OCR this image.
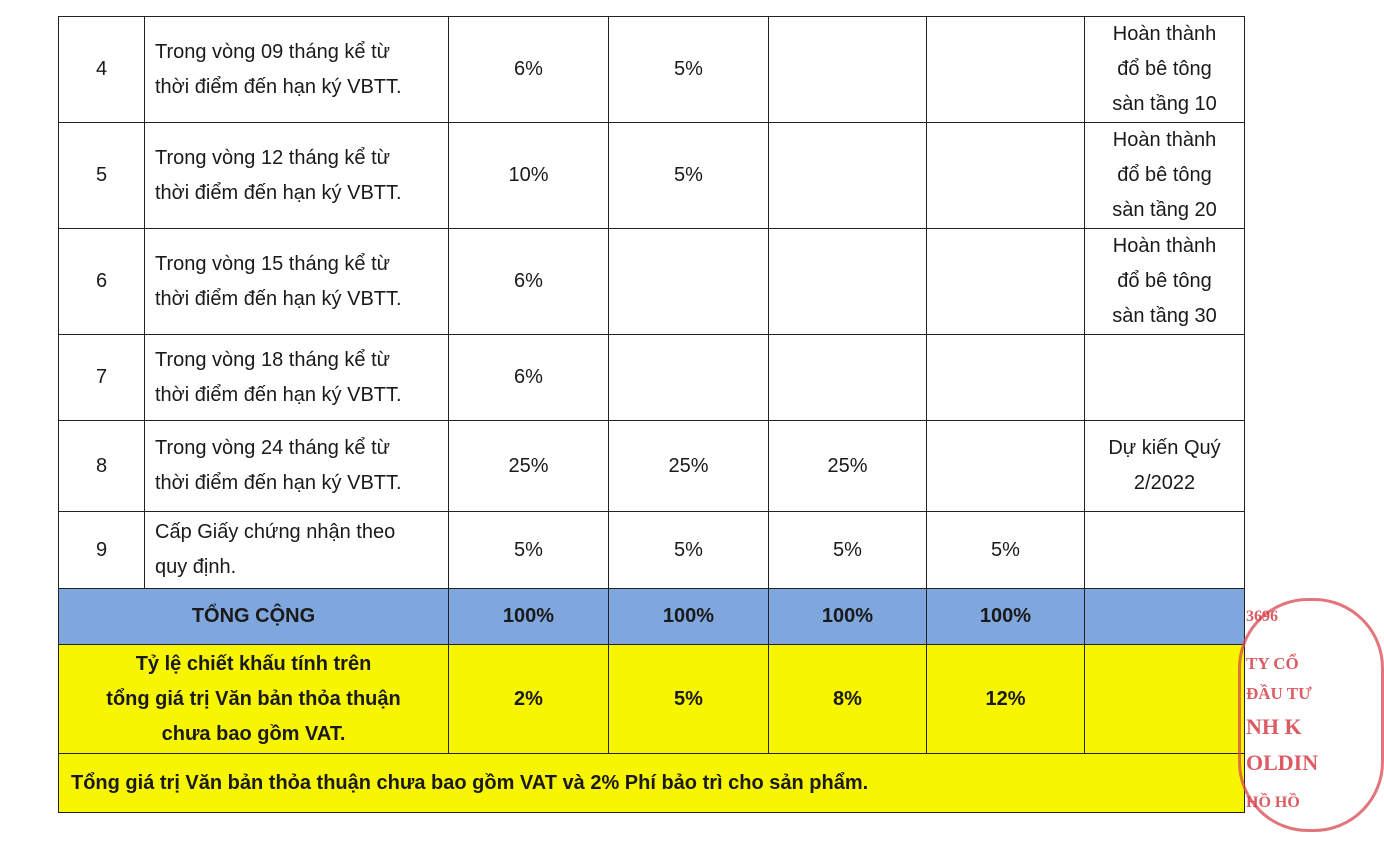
4	Trong vòng 09 tháng kể từ
thời điểm đến hạn ký VBTT.	6%	5%			Hoàn thành
đổ bê tông
sàn tầng 10

5	Trong vòng 12 tháng kể từ
thời điểm đến hạn ký VBTT.	10%	5%			Hoàn thành
đổ bê tông
sàn tầng 20

6	Trong vòng 15 tháng kể từ
thời điểm đến hạn ký VBTT.	6%				Hoàn thành
đổ bê tông
sàn tầng 30

7	Trong vòng 18 tháng kể từ
thời điểm đến hạn ký VBTT.	6%				
8	Trong vòng 24 tháng kể từ
thời điểm đến hạn ký VBTT.	25%	25%	25%		Dự kiến Quý
2/2022

9	Cấp Giấy chứng nhận theo
quy định.	5%	5%	5%	5%	
TỔNG CỘNG		100%	100%	100%	100%	

Tỷ lệ chiết khấu tính trên
tổng giá trị Văn bản thỏa thuận
chưa bao gồm VAT.		2%	5%	8%	12%	
Tổng giá trị Văn bản thỏa thuận chưa bao gồm VAT và 2% Phí bảo trì cho sản phẩm.						
3696
TY CỔ
ĐẦU TƯ
NH K
OLDIN
HỒ HỒ
